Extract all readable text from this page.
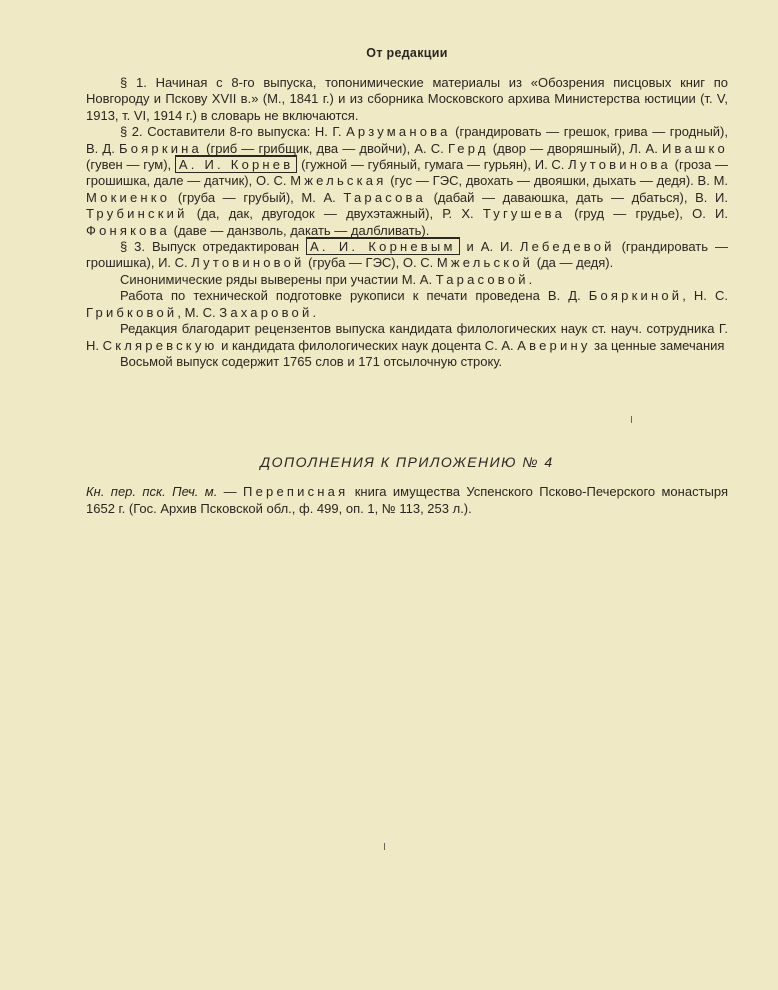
От редакции

§ 1. Начиная с 8-го выпуска, топонимические материалы из «Обозрения писцовых книг по Новгороду и Пскову XVII в.» (М., 1841 г.) и из сборника Московского архива Министерства юстиции (т. V, 1913, т. VI, 1914 г.) в словарь не включаются.

§ 2. Составители 8-го выпуска: Н. Г. Арзуманова (грандировать — грешок, грива — гродный), В. Д. Бояркина (гриб — грибщик, два — двойчи), А. С. Герд (двор — дворяшный), Л. А. Ивашко (гувен — гум), А. И. Корнев (гужной — губяный, гумага — гурьян), И. С. Лутовинова (гроза — грошишка, дале — датчик), О. С. Мжельская (гус — ГЭС, двохать — двояшки, дыхать — дедя). В. М. Мокиенко (груба — грубый), М. А. Тарасова (дабай — даваюшка, дать — дбаться), В. И. Трубинский (да, дак, двугодок — двухэтажный), Р. Х. Тугушева (груд — грудье), О. И. Фонякова (даве — данзволь, дакать — далбливать).

§ 3. Выпуск отредактирован А. И. Корневым и А. И. Лебедевой (грандировать — грошишка), И. С. Лутовиновой (груба — ГЭС), О. С. Мжельской (да — дедя).

Синонимические ряды выверены при участии М. А. Тарасовой.

Работа по технической подготовке рукописи к печати проведена В. Д. Бояркиной, Н. С. Грибковой, М. С. Захаровой.

Редакция благодарит рецензентов выпуска кандидата филологических наук ст. науч. сотрудника Г. Н. Скляревскую и кандидата филологических наук доцента С. А. Аверину за ценные замечания

Восьмой выпуск содержит 1765 слов и 171 отсылочную строку.

ДОПОЛНЕНИЯ К ПРИЛОЖЕНИЮ № 4

Кн. пер. пск. Печ. м. — Переписная книга имущества Успенского Псково-Печерского монастыря 1652 г. (Гос. Архив Псковской обл., ф. 499, оп. 1, № 113, 253 л.).
